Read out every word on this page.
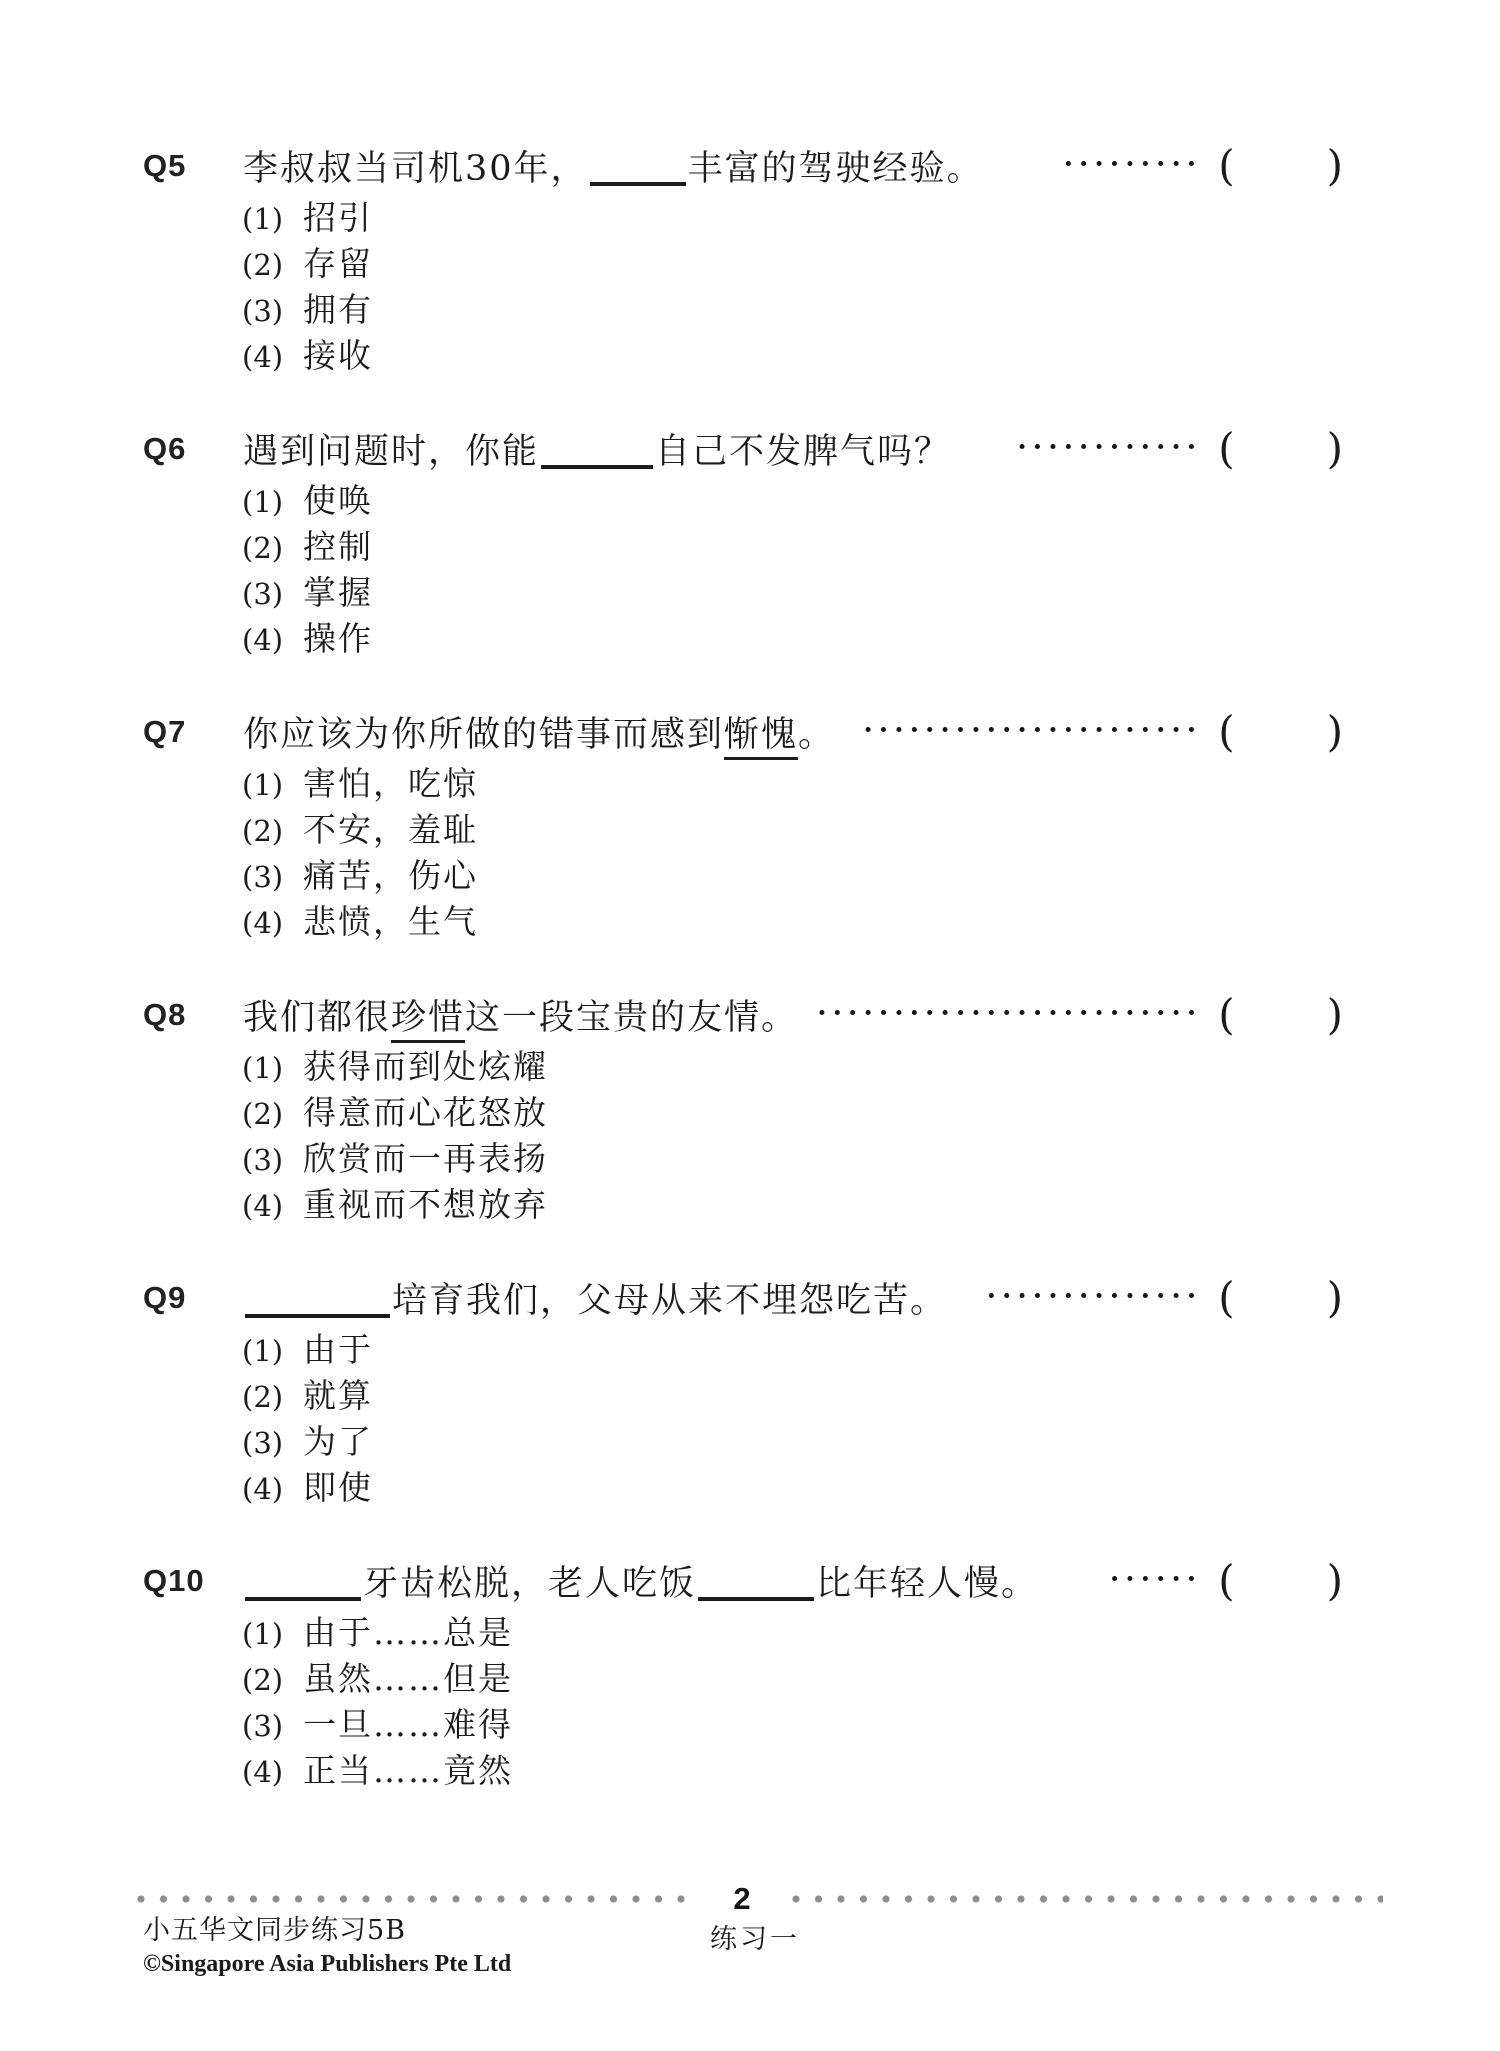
Q5	李叔叔当司机30年，	丰富的驾驶经验。	········· ( )
(1) 招引
(2) 存留
(3) 拥有
(4) 接收
Q6	遇到问题时，你能	自己不发脾气吗？ ············ ( )
(1) 使唤
(2) 控制
(3) 掌握
(4) 操作
Q7	你应该为你所做的错事而感到惭愧。 ······················ ( )
(1) 害怕，吃惊
(2) 不安，羞耻
(3) 痛苦，伤心
(4) 悲愤，生气
Q8	我们都很珍惜这一段宝贵的友情。 ························· ( )
(1) 获得而到处炫耀
(2) 得意而心花怒放
(3) 欣赏而一再表扬
(4) 重视而不想放弃
Q9	培育我们，父母从来不埋怨吃苦。 ·············· ( )
(1) 由于
(2) 就算
(3) 为了
(4) 即使
Q10	牙齿松脱，老人吃饭	比年轻人慢。	······ ( )
(1) 由于……总是
(2) 虽然……但是
(3) 一旦……难得
(4) 正当……竟然
2
小五华文同步练习5B
©Singapore Asia Publishers Pte Ltd
练习一
